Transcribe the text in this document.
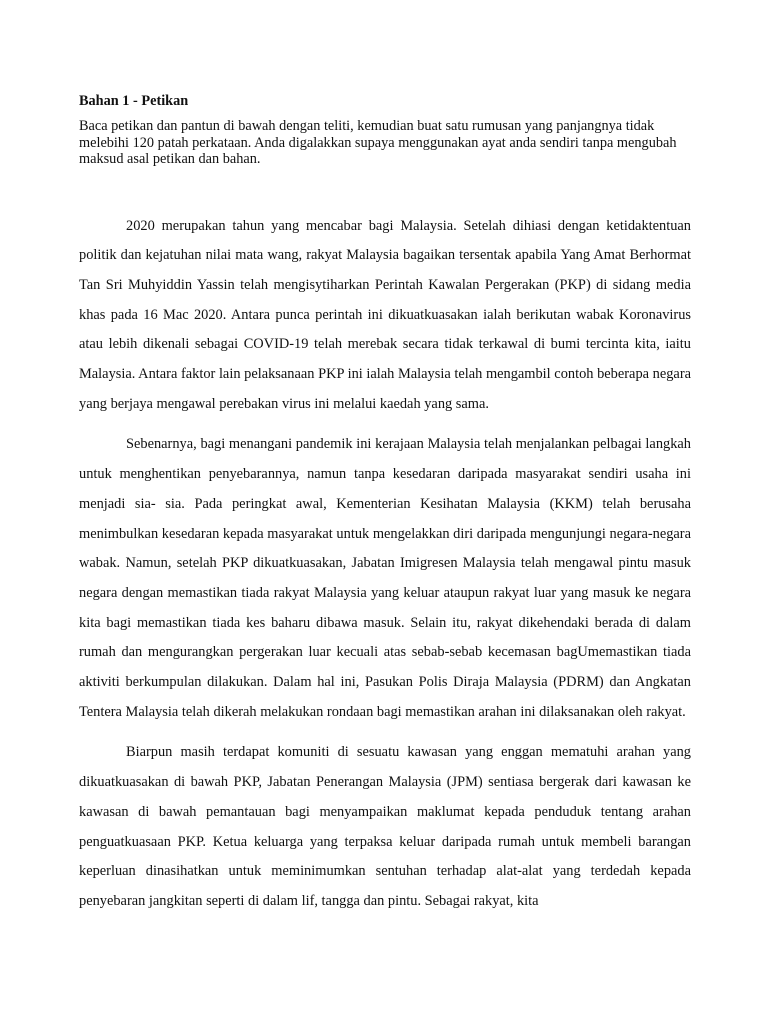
Bahan 1 - Petikan

Baca petikan dan pantun di bawah dengan teliti, kemudian buat satu rumusan yang panjangnya tidak melebihi 120 patah perkataan. Anda digalakkan supaya menggunakan ayat anda sendiri tanpa mengubah maksud asal petikan dan bahan.

2020 merupakan tahun yang mencabar bagi Malaysia. Setelah dihiasi dengan ketidaktentuan politik dan kejatuhan nilai mata wang, rakyat Malaysia bagaikan tersentak apabila Yang Amat Berhormat Tan Sri Muhyiddin Yassin telah mengisytiharkan Perintah Kawalan Pergerakan (PKP) di sidang media khas pada 16 Mac 2020. Antara punca perintah ini dikuatkuasakan ialah berikutan wabak Koronavirus atau lebih dikenali sebagai COVID-19 telah merebak secara tidak terkawal di bumi tercinta kita, iaitu Malaysia. Antara faktor lain pelaksanaan PKP ini ialah Malaysia telah mengambil contoh beberapa negara yang berjaya mengawal perebakan virus ini melalui kaedah yang sama.

Sebenarnya, bagi menangani pandemik ini kerajaan Malaysia telah menjalankan pelbagai langkah untuk menghentikan penyebarannya, namun tanpa kesedaran daripada masyarakat sendiri usaha ini menjadi sia- sia. Pada peringkat awal, Kementerian Kesihatan Malaysia (KKM) telah berusaha menimbulkan kesedaran kepada masyarakat untuk mengelakkan diri daripada mengunjungi negara-negara wabak. Namun, setelah PKP dikuatkuasakan, Jabatan Imigresen Malaysia telah mengawal pintu masuk negara dengan memastikan tiada rakyat Malaysia yang keluar ataupun rakyat luar yang masuk ke negara kita bagi memastikan tiada kes baharu dibawa masuk. Selain itu, rakyat dikehendaki berada di dalam rumah dan mengurangkan pergerakan luar kecuali atas sebab-sebab kecemasan bagUmemastikan tiada aktiviti berkumpulan dilakukan. Dalam hal ini, Pasukan Polis Diraja Malaysia (PDRM) dan Angkatan Tentera Malaysia telah dikerah melakukan rondaan bagi memastikan arahan ini dilaksanakan oleh rakyat.

Biarpun masih terdapat komuniti di sesuatu kawasan yang enggan mematuhi arahan yang dikuatkuasakan di bawah PKP, Jabatan Penerangan Malaysia (JPM) sentiasa bergerak dari kawasan ke kawasan di bawah pemantauan bagi menyampaikan maklumat kepada penduduk tentang arahan penguatkuasaan PKP. Ketua keluarga yang terpaksa keluar daripada rumah untuk membeli barangan keperluan dinasihatkan untuk meminimumkan sentuhan terhadap alat-alat yang terdedah kepada penyebaran jangkitan seperti di dalam lif, tangga dan pintu. Sebagai rakyat, kita
